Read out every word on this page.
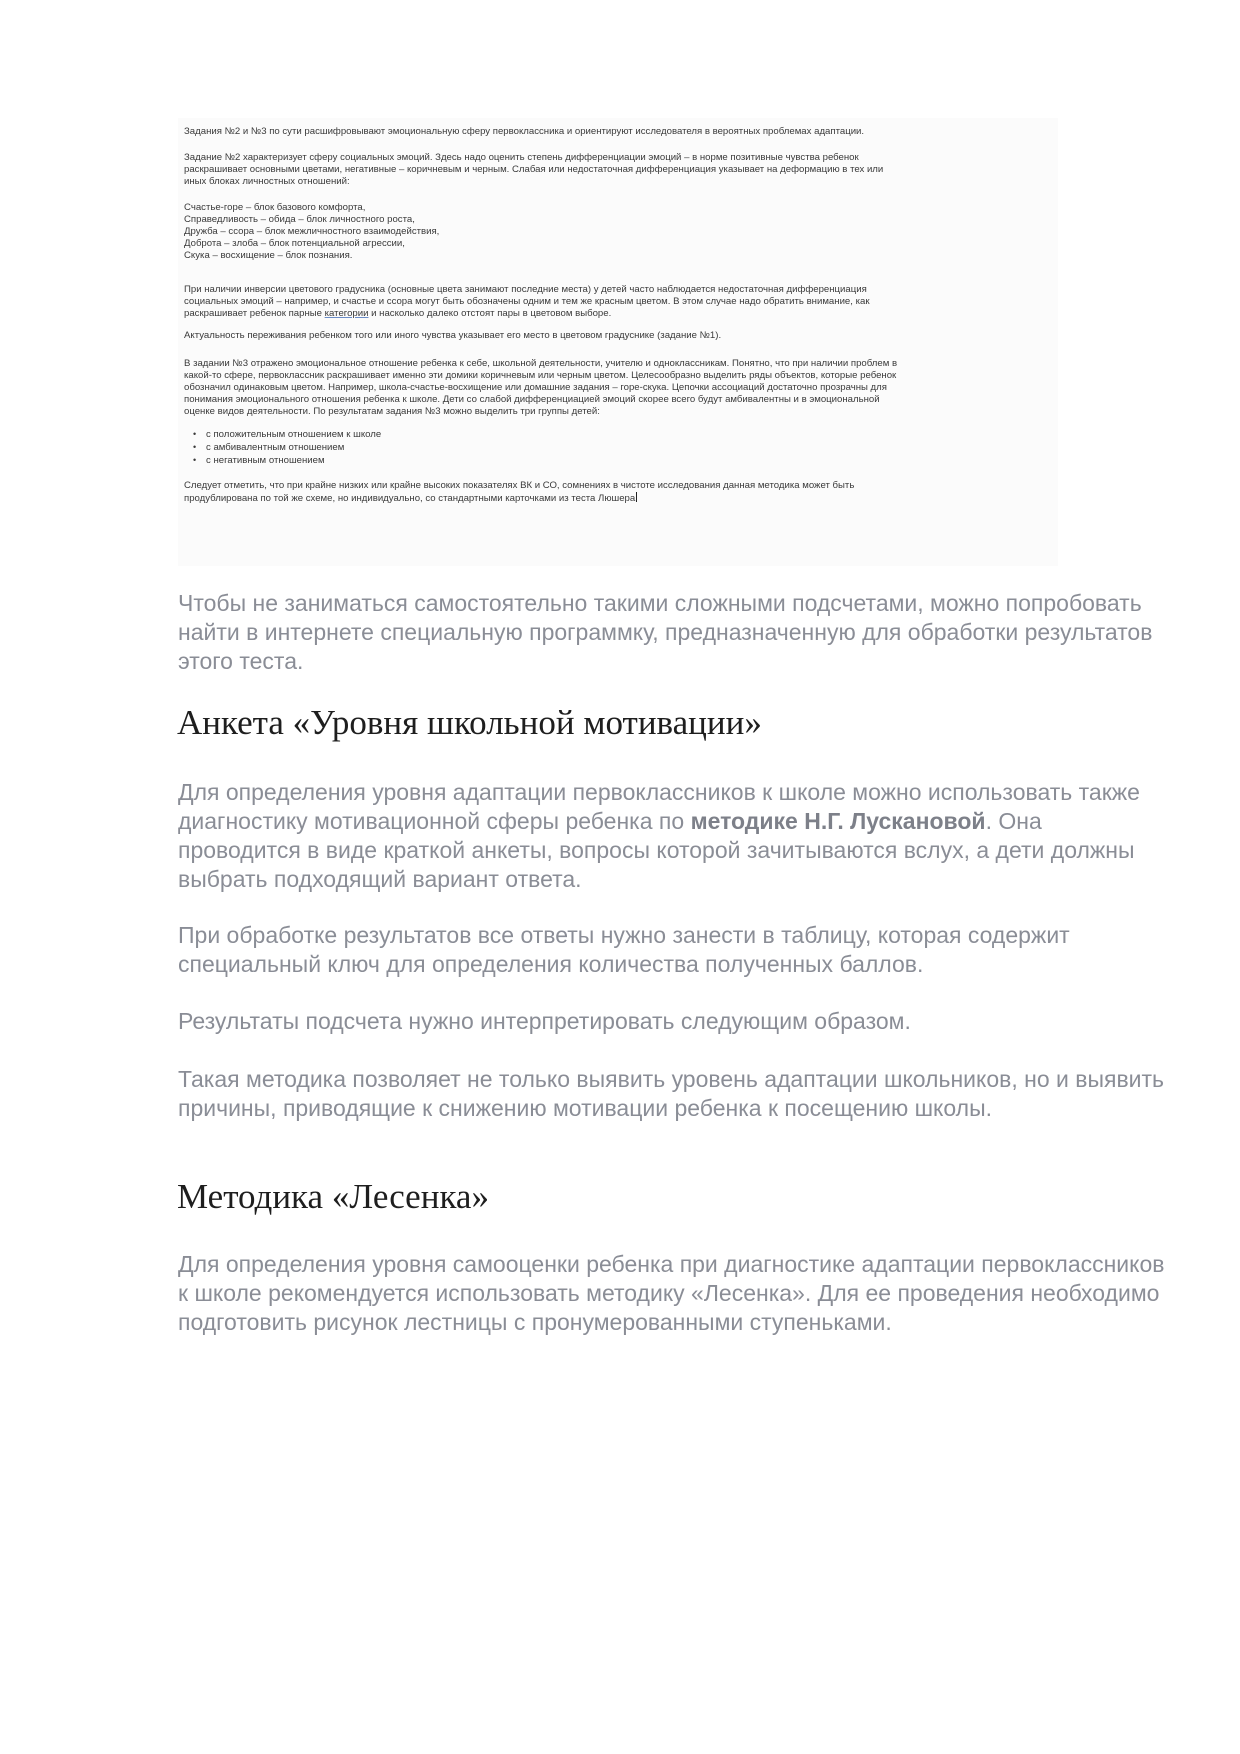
Задания №2 и №3 по сути расшифровывают эмоциональную сферу первоклассника и ориентируют исследователя в вероятных проблемах адаптации.

Задание №2 характеризует сферу социальных эмоций. Здесь надо оценить степень дифференциации эмоций – в норме позитивные чувства ребенок

раскрашивает основными цветами, негативные – коричневым и черным. Слабая или недостаточная дифференциация указывает на деформацию в тех или

иных блоках личностных отношений:

Счастье-горе – блок базового комфорта,

Справедливость – обида – блок личностного роста,

Дружба – ссора – блок межличностного взаимодействия,

Доброта – злоба – блок потенциальной агрессии,

Скука – восхищение – блок познания.

При наличии инверсии цветового градусника (основные цвета занимают последние места) у детей часто наблюдается недостаточная дифференциация

социальных эмоций – например, и счастье и ссора могут быть обозначены одним и тем же красным цветом. В этом случае надо обратить внимание, как

раскрашивает ребенок парные категории и насколько далеко отстоят пары в цветовом выборе.

Актуальность переживания ребенком того или иного чувства указывает его место в цветовом градуснике (задание №1).

В задании №3 отражено эмоциональное отношение ребенка к себе, школьной деятельности, учителю и одноклассникам. Понятно, что при наличии проблем в

какой-то сфере, первоклассник раскрашивает именно эти домики коричневым или черным цветом. Целесообразно выделить ряды объектов, которые ребенок

обозначил одинаковым цветом. Например, школа-счастье-восхищение или домашние задания – горе-скука. Цепочки ассоциаций достаточно прозрачны для

понимания эмоционального отношения ребенка к школе. Дети со слабой дифференциацией эмоций скорее всего будут амбивалентны и в эмоциональной

оценке видов деятельности. По результатам задания №3 можно выделить три группы детей:

• с положительным отношением к школе
• с амбивалентным отношением
• с негативным отношением

Следует отметить, что при крайне низких или крайне высоких показателях ВК и СО, сомнениях в чистоте исследования данная методика может быть

продублирована по той же схеме, но индивидуально, со стандартными карточками из теста Люшера

Чтобы не заниматься самостоятельно такими сложными подсчетами, можно попробовать найти в интернете специальную программку, предназначенную для обработки результатов этого теста.

Анкета «Уровня школьной мотивации»

Для определения уровня адаптации первоклассников к школе можно использовать также диагностику мотивационной сферы ребенка по методике Н.Г. Лускановой. Она проводится в виде краткой анкеты, вопросы которой зачитываются вслух, а дети должны выбрать подходящий вариант ответа.

При обработке результатов все ответы нужно занести в таблицу, которая содержит специальный ключ для определения количества полученных баллов.

Результаты подсчета нужно интерпретировать следующим образом.

Такая методика позволяет не только выявить уровень адаптации школьников, но и выявить причины, приводящие к снижению мотивации ребенка к посещению школы.

Методика «Лесенка»

Для определения уровня самооценки ребенка при диагностике адаптации первоклассников к школе рекомендуется использовать методику «Лесенка». Для ее проведения необходимо подготовить рисунок лестницы с пронумерованными ступеньками.
